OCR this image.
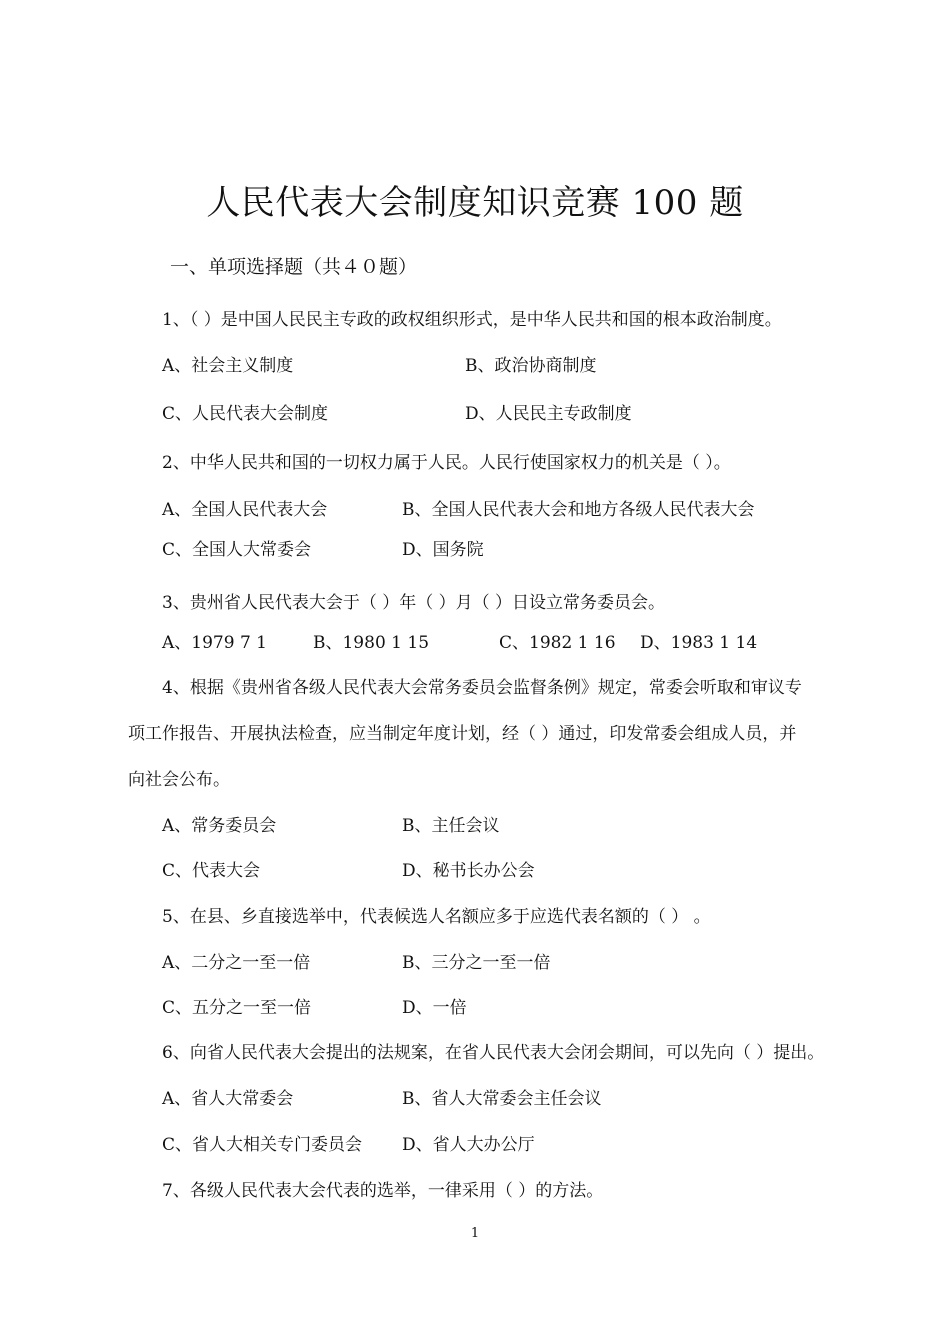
人民代表大会制度知识竞赛 100 题
一、单项选择题（共４０题）
1、（ ）是中国人民民主专政的政权组织形式，是中华人民共和国的根本政治制度。
A、社会主义制度	B、政治协商制度
C、人民代表大会制度	D、人民民主专政制度
2、中华人民共和国的一切权力属于人民。人民行使国家权力的机关是（ ）。
A、全国人民代表大会	B、全国人民代表大会和地方各级人民代表大会
C、全国人大常委会	D、国务院
3、贵州省人民代表大会于（ ）年（ ）月（ ）日设立常务委员会。
A、1979 7 1	B、1980 1 15	C、1982 1 16 D、1983 1 14
4、根据《贵州省各级人民代表大会常务委员会监督条例》规定，常委会听取和审议专
项工作报告、开展执法检查，应当制定年度计划，经（ ）通过，印发常委会组成人员，并
向社会公布。
A、常务委员会	B、主任会议
C、代表大会	D、秘书长办公会
5、在县、乡直接选举中，代表候选人名额应多于应选代表名额的（ ） 。
A、二分之一至一倍	B、三分之一至一倍
C、五分之一至一倍	D、一倍
6、向省人民代表大会提出的法规案，在省人民代表大会闭会期间，可以先向（ ）提出。
A、省人大常委会	B、省人大常委会主任会议
C、省人大相关专门委员会 D、省人大办公厅
7、各级人民代表大会代表的选举，一律采用（ ）的方法。
1
